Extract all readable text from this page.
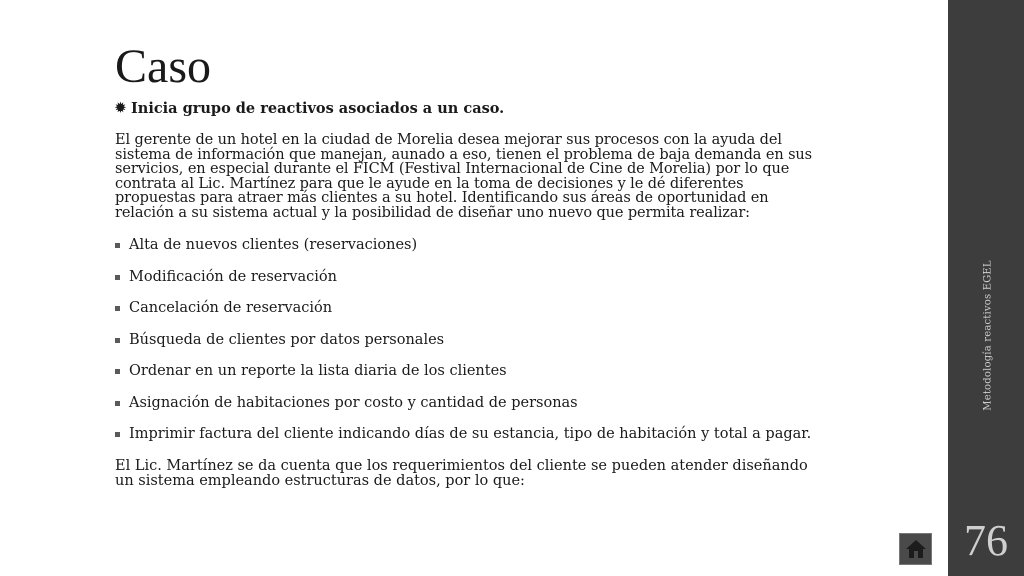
Caso
✹ Inicia grupo de reactivos asociados a un caso.

El gerente de un hotel en la ciudad de Morelia desea mejorar sus procesos con la ayuda del sistema de información que manejan, aunado a eso, tienen el problema de baja demanda en sus servicios, en especial durante el FICM (Festival Internacional de Cine de Morelia) por lo que contrata al Lic. Martínez para que le ayude en la toma de decisiones y le dé diferentes propuestas para atraer más clientes a su hotel. Identificando sus áreas de oportunidad en relación a su sistema actual y la posibilidad de diseñar uno nuevo que permita realizar:

Alta de nuevos clientes (reservaciones)
Modificación de reservación
Cancelación de reservación
Búsqueda de clientes por datos personales
Ordenar en un reporte la lista diaria de los clientes
Asignación de habitaciones por costo y cantidad de personas
Imprimir factura del cliente indicando días de su estancia, tipo de habitación y total a pagar.

El Lic. Martínez se da cuenta que los requerimientos del cliente se pueden atender diseñando un sistema empleando estructuras de datos, por lo que:

Metodología reactivos EGEL
76
